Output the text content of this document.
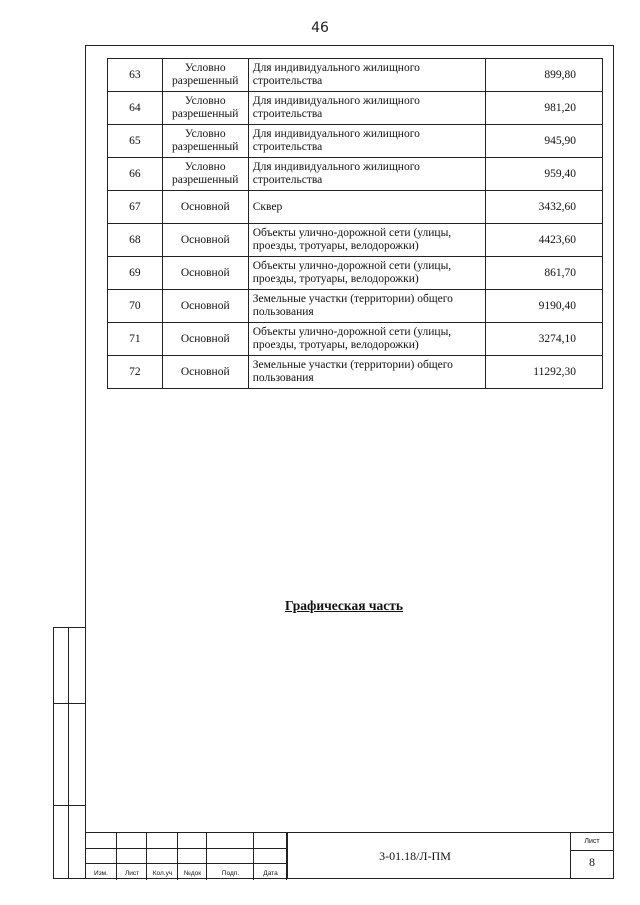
46
63	Условно разрешенный	Для индивидуального жилищного строительства	899,80
64	Условно разрешенный	Для индивидуального жилищного строительства	981,20
65	Условно разрешенный	Для индивидуального жилищного строительства	945,90
66	Условно разрешенный	Для индивидуального жилищного строительства	959,40
67	Основной	Сквер	3432,60
68	Основной	Объекты улично-дорожной сети (улицы, проезды, тротуары, велодорожки)	4423,60
69	Основной	Объекты улично-дорожной сети (улицы, проезды, тротуары, велодорожки)	861,70
70	Основной	Земельные участки (территории) общего пользования	9190,40
71	Основной	Объекты улично-дорожной сети (улицы, проезды, тротуары, велодорожки)	3274,10
72	Основной	Земельные участки (территории) общего пользования	11292,30
Графическая часть
Изм.	Лист	Кол.уч	№док	Подп.	Дата
3-01.18/Л-ПМ
Лист
8
